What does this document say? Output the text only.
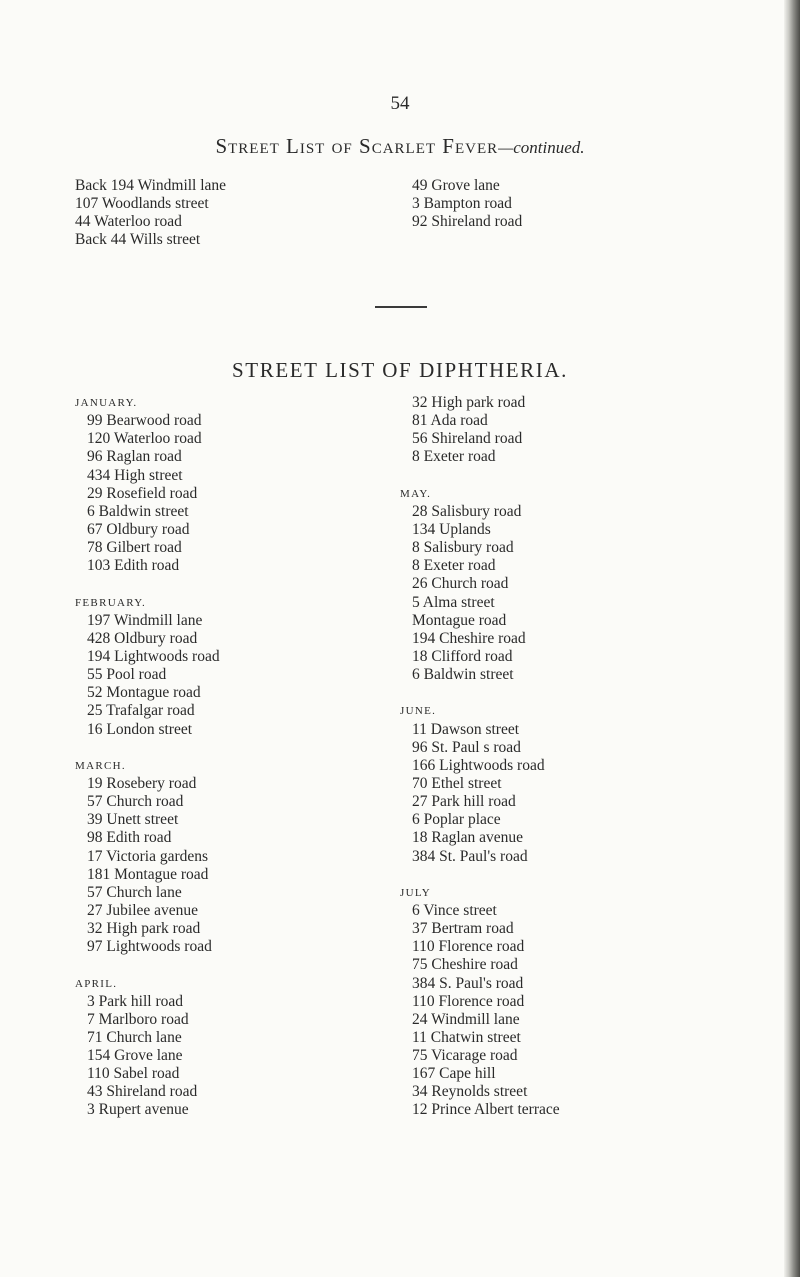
54
Street List of Scarlet Fever—continued.
Back 194 Windmill lane
107 Woodlands street
44 Waterloo road
Back 44 Wills street
49 Grove lane
3 Bampton road
92 Shireland road
STREET LIST OF DIPHTHERIA.
JANUARY.
99 Bearwood road
120 Waterloo road
96 Raglan road
434 High street
29 Rosefield road
6 Baldwin street
67 Oldbury road
78 Gilbert road
103 Edith road
FEBRUARY.
197 Windmill lane
428 Oldbury road
194 Lightwoods road
55 Pool road
52 Montague road
25 Trafalgar road
16 London street
MARCH.
19 Rosebery road
57 Church road
39 Unett street
98 Edith road
17 Victoria gardens
181 Montague road
57 Church lane
27 Jubilee avenue
32 High park road
97 Lightwoods road
APRIL.
3 Park hill road
7 Marlboro road
71 Church lane
154 Grove lane
110 Sabel road
43 Shireland road
3 Rupert avenue
32 High park road
81 Ada road
56 Shireland road
8 Exeter road
MAY.
28 Salisbury road
134 Uplands
8 Salisbury road
8 Exeter road
26 Church road
5 Alma street
Montague road
194 Cheshire road
18 Clifford road
6 Baldwin street
JUNE.
11 Dawson street
96 St. Paul s road
166 Lightwoods road
70 Ethel street
27 Park hill road
6 Poplar place
18 Raglan avenue
384 St. Paul's road
JULY
6 Vince street
37 Bertram road
110 Florence road
75 Cheshire road
384 S. Paul's road
110 Florence road
24 Windmill lane
11 Chatwin street
75 Vicarage road
167 Cape hill
34 Reynolds street
12 Prince Albert terrace
